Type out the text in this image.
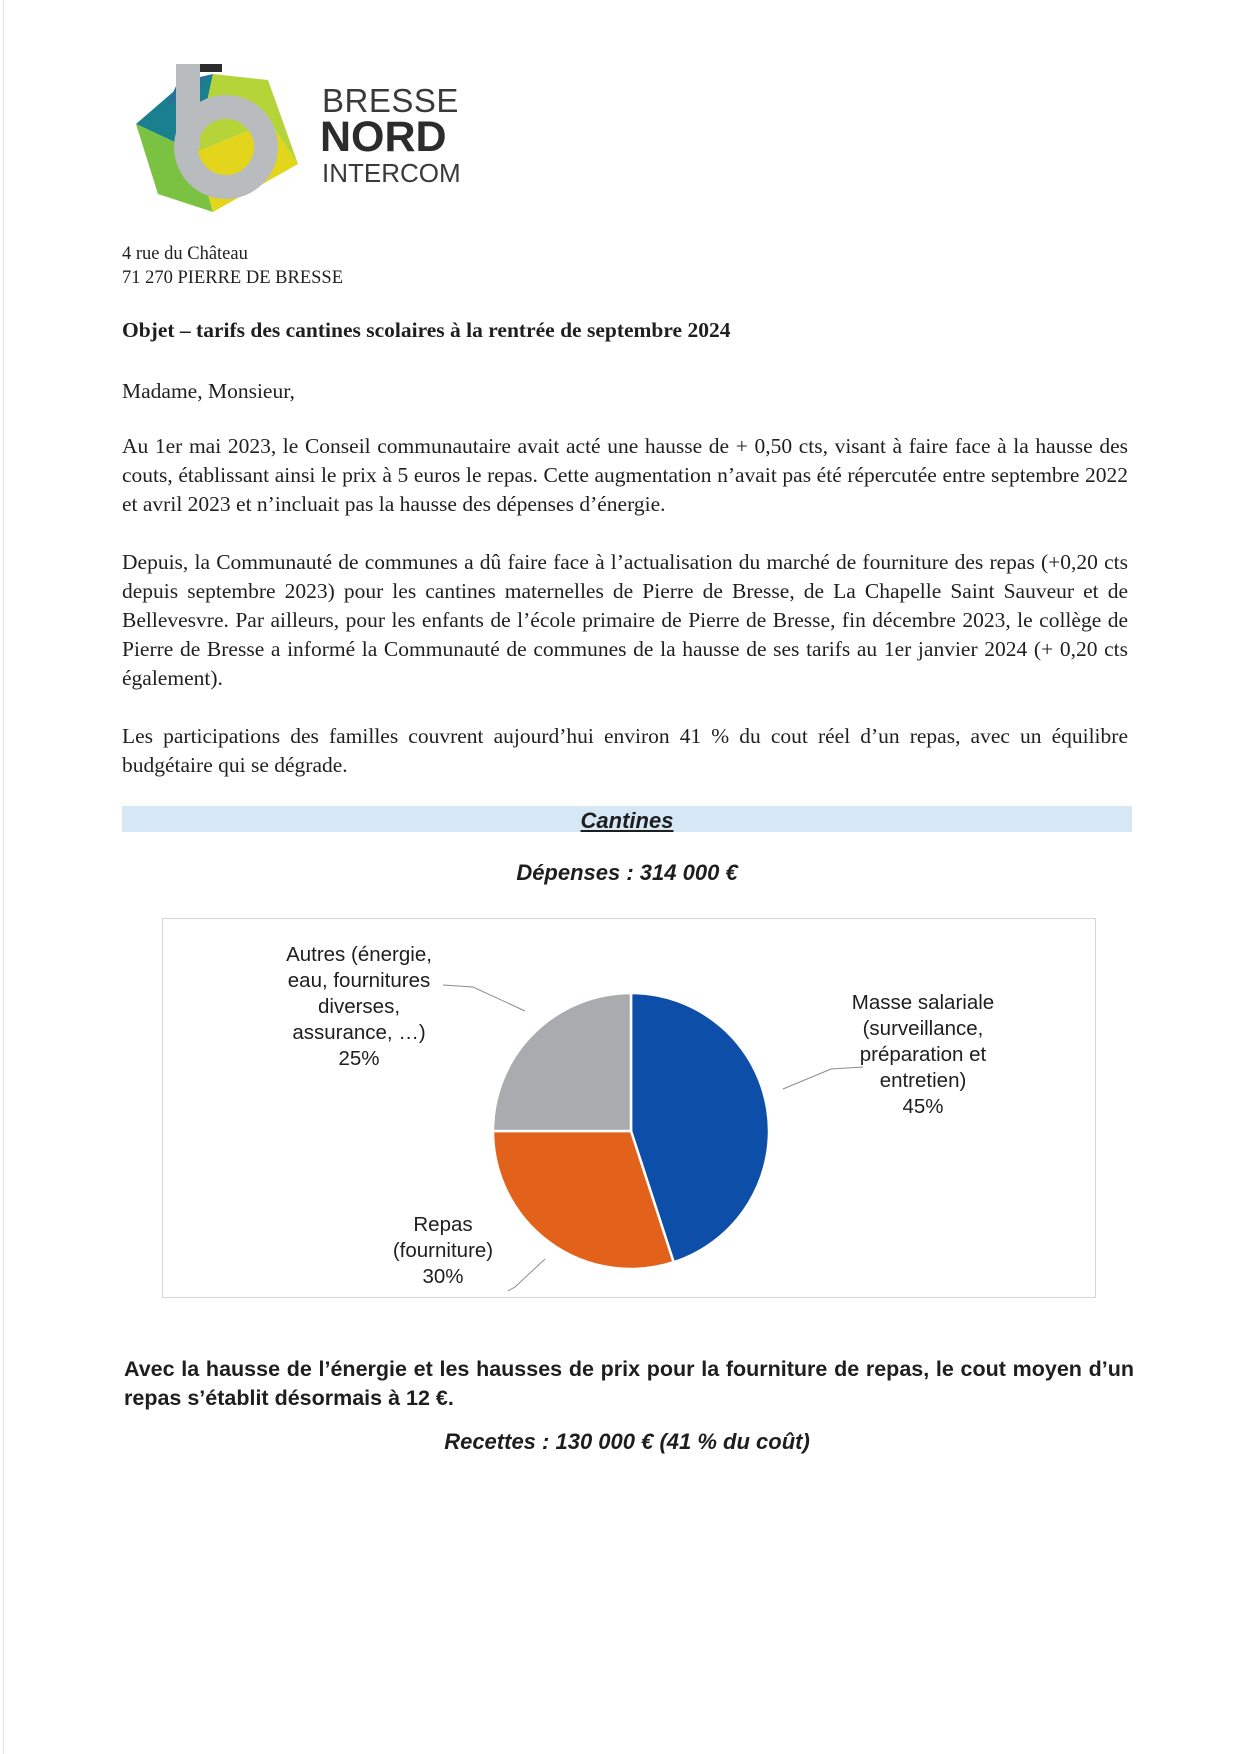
BRESSE
NORD
INTERCOM
4 rue du Château
71 270 PIERRE DE BRESSE
Objet – tarifs des cantines scolaires à la rentrée de septembre 2024
Madame, Monsieur,

Au 1er mai 2023, le Conseil communautaire avait acté une hausse de + 0,50 cts, visant à faire face à la hausse des couts, établissant ainsi le prix à 5 euros le repas. Cette augmentation n’avait pas été répercutée entre septembre 2022 et avril 2023 et n’incluait pas la hausse des dépenses d’énergie.

Depuis, la Communauté de communes a dû faire face à l’actualisation du marché de fourniture des repas (+0,20 cts depuis septembre 2023) pour les cantines maternelles de Pierre de Bresse, de La Chapelle Saint Sauveur et de Bellevesvre. Par ailleurs, pour les enfants de l’école primaire de Pierre de Bresse, fin décembre 2023, le collège de Pierre de Bresse a informé la Communauté de communes de la hausse de ses tarifs au 1er janvier 2024 (+ 0,20 cts également).

Les participations des familles couvrent aujourd’hui environ 41 % du cout réel d’un repas, avec un équilibre budgétaire qui se dégrade.

Cantines
Dépenses : 314 000 €
Masse salariale (surveillance, préparation et entretien) 45%
Repas (fourniture) 30%
Autres (énergie, eau, fournitures diverses, assurance, …) 25%

Avec la hausse de l’énergie et les hausses de prix pour la fourniture de repas, le cout moyen d’un repas s’établit désormais à 12 €.

Recettes : 130 000 € (41 % du coût)
